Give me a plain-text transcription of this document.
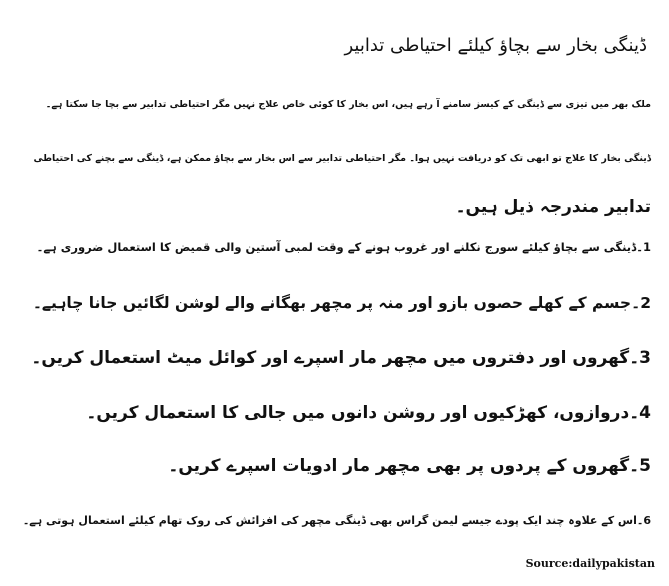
ڈینگی بخار سے بچاؤ کیلئے احتیاطی تدابیر
ملک بھر میں تیزی سے ڈینگی کے کیسز سامنے آ رہے ہیں، اس بخار کا کوئی خاص علاج نہیں مگر احتیاطی تدابیر سے بچا جا سکتا ہے۔
ڈینگی بخار کا علاج تو ابھی تک کو دریافت نہیں ہوا۔ مگر احتیاطی تدابیر سے اس بخار سے بچاؤ ممکن ہے، ڈینگی سے بچنے کی احتیاطی
تدابیر مندرجہ ذیل ہیں۔
1۔ڈینگی سے بچاؤ کیلئے سورج نکلنے اور غروب ہونے کے وقت لمبی آستین والی قمیض کا استعمال ضروری ہے۔
2۔جسم کے کھلے حصوں بازو اور منہ پر مچھر بھگانے والے لوشن لگائیں جانا چاہیے۔
3۔گھروں اور دفتروں میں مچھر مار اسپرے اور کوائل میٹ استعمال کریں۔
4۔دروازوں، کھڑکیوں اور روشن دانوں میں جالی کا استعمال کریں۔
5۔گھروں کے پردوں پر بھی مچھر مار ادویات اسپرے کریں۔
6۔اس کے علاوہ چند ایک پودے جیسے لیمن گراس بھی ڈینگی مچھر کی افزائش کی روک تھام کیلئے استعمال ہوتی ہے۔
Source:dailypakistan
